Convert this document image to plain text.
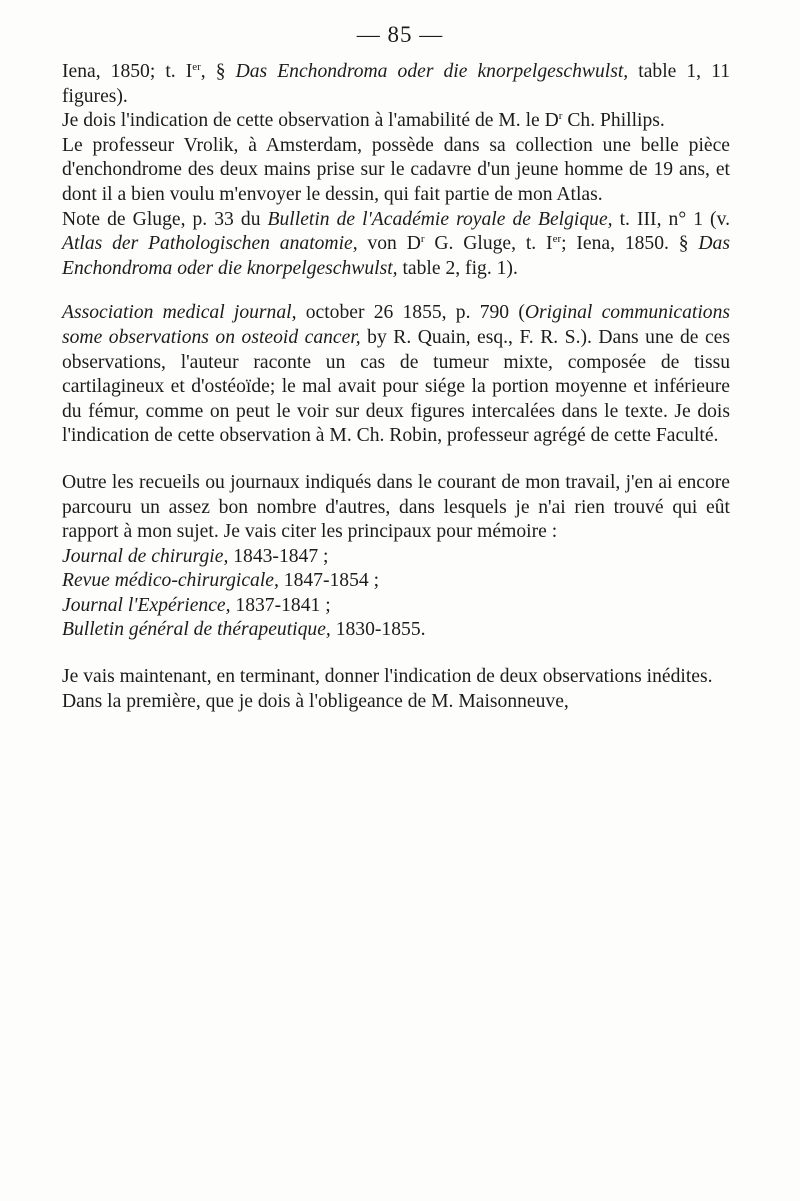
— 85 —

Iena, 1850; t. Ier, § Das Enchondroma oder die knorpelgeschwulst, table 1, 11 figures).

Je dois l'indication de cette observation à l'amabilité de M. le $D^r$ Ch. Phillips.

Le professeur Vrolik, à Amsterdam, possède dans sa collection une belle pièce d'enchondrome des deux mains prise sur le cadavre d'un jeune homme de 19 ans, et dont il a bien voulu m'envoyer le dessin, qui fait partie de mon Atlas.

Note de Gluge, p. 33 du Bulletin de l'Académie royale de Belgique, t. III, n° 1 (v. Atlas der Pathologischen anatomie, von $D^r$ G. Gluge, t. Ier; Iena, 1850. § Das Enchondroma oder die knorpelgeschwulst, table 2, fig. 1).

Association medical journal, october 26 1855, p. 790 (Original communications some observations on osteoid cancer, by R. Quain, esq., F. R. S.). Dans une de ces observations, l'auteur raconte un cas de tumeur mixte, composée de tissu cartilagineux et d'ostéoïde; le mal avait pour siége la portion moyenne et inférieure du fémur, comme on peut le voir sur deux figures intercalées dans le texte. Je dois l'indication de cette observation à M. Ch. Robin, professeur agrégé de cette Faculté.

Outre les recueils ou journaux indiqués dans le courant de mon travail, j'en ai encore parcouru un assez bon nombre d'autres, dans lesquels je n'ai rien trouvé qui eût rapport à mon sujet. Je vais citer les principaux pour mémoire :

Journal de chirurgie, 1843-1847 ;

Revue médico-chirurgicale, 1847-1854 ;

Journal l'Expérience, 1837-1841 ;

Bulletin général de thérapeutique, 1830-1855.

Je vais maintenant, en terminant, donner l'indication de deux observations inédites.

Dans la première, que je dois à l'obligeance de M. Maisonneuve,
